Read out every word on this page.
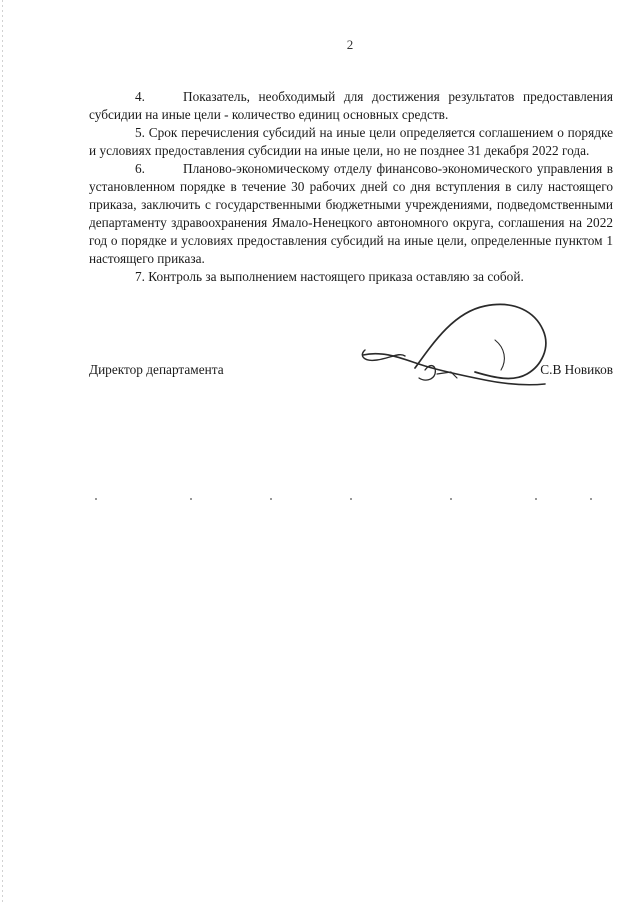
2

4.	Показатель, необходимый для достижения результатов предоставления субсидии на иные цели - количество единиц основных средств.

5. Срок перечисления субсидий на иные цели определяется соглашением о порядке и условиях предоставления субсидии на иные цели, но не позднее 31 декабря 2022 года.

6.	Планово-экономическому отделу финансово-экономического управления в установленном порядке в течение 30 рабочих дней со дня вступления в силу настоящего приказа, заключить с государственными бюджетными учреждениями, подведомственными департаменту здравоохранения Ямало-Ненецкого автономного округа, соглашения на 2022 год о порядке и условиях предоставления субсидий на иные цели, определенные пунктом 1 настоящего приказа.

7. Контроль за выполнением настоящего приказа оставляю за собой.

Директор департамента	С.В Новиков
